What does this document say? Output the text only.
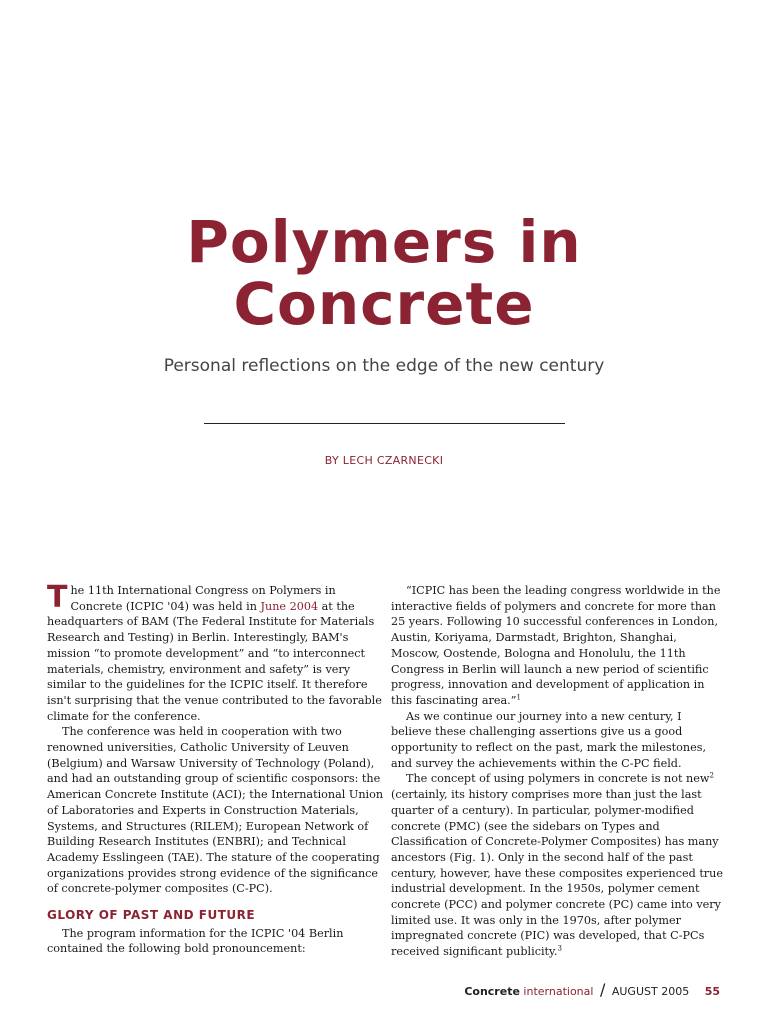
Polymers in
Concrete
Personal reflections on the edge of the new century
BY LECH CZARNECKI

The 11th International Congress on Polymers in Concrete (ICPIC '04) was held in June 2004 at the headquarters of BAM (The Federal Institute for Materials Research and Testing) in Berlin. Interestingly, BAM's mission “to promote development” and “to interconnect materials, chemistry, environment and safety” is very similar to the guidelines for the ICPIC itself. It therefore isn't surprising that the venue contributed to the favorable climate for the conference.

The conference was held in cooperation with two renowned universities, Catholic University of Leuven (Belgium) and Warsaw University of Technology (Poland), and had an outstanding group of scientific cosponsors: the American Concrete Institute (ACI); the International Union of Laboratories and Experts in Construction Materials, Systems, and Structures (RILEM); European Network of Building Research Institutes (ENBRI); and Technical Academy Esslingeen (TAE). The stature of the cooperating organizations provides strong evidence of the significance of concrete-polymer composites (C-PC).

GLORY OF PAST AND FUTURE

The program information for the ICPIC '04 Berlin contained the following bold pronouncement:

“ICPIC has been the leading congress worldwide in the interactive fields of polymers and concrete for more than 25 years. Following 10 successful conferences in London, Austin, Koriyama, Darmstadt, Brighton, Shanghai, Moscow, Oostende, Bologna and Honolulu, the 11th Congress in Berlin will launch a new period of scientific progress, innovation and development of application in this fascinating area.”$^1$

As we continue our journey into a new century, I believe these challenging assertions give us a good opportunity to reflect on the past, mark the milestones, and survey the achievements within the C-PC field.

The concept of using polymers in concrete is not new$^2$ (certainly, its history comprises more than just the last quarter of a century). In particular, polymer-modified concrete (PMC) (see the sidebars on Types and Classification of Concrete-Polymer Composites) has many ancestors (Fig. 1). Only in the second half of the past century, however, have these composites experienced true industrial development. In the 1950s, polymer cement concrete (PCC) and polymer concrete (PC) came into very limited use. It was only in the 1970s, after polymer impregnated concrete (PIC) was developed, that C-PCs received significant publicity.$^3$

Concrete international / AUGUST 2005 55
